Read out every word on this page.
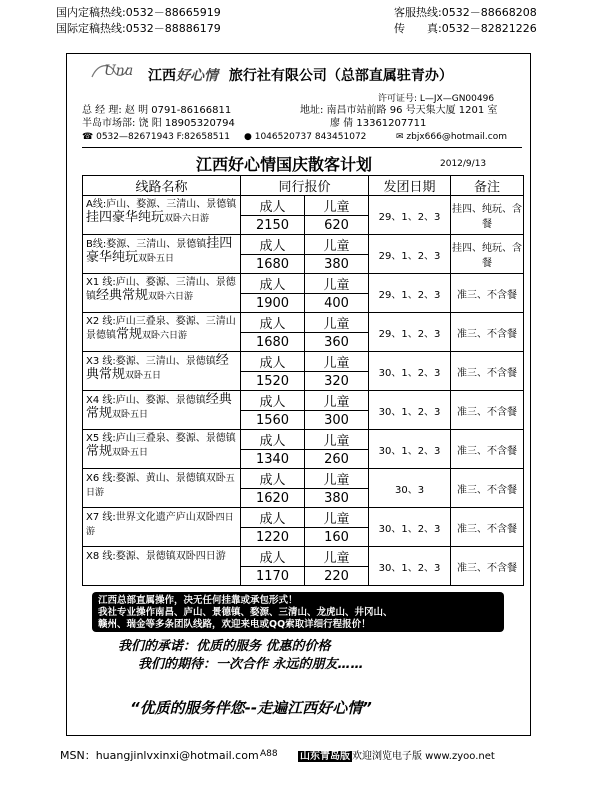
国内定稿热线:0532－88665919
国际定稿热线:0532－88886179
客服热线:0532－88668208
传　　真:0532－82821226
Una 江西好心情 旅行社有限公司（总部直属驻青办）
许可证号: L—JX—GN00496
总 经 理: 赵 明 0791-86166811	地址: 南昌市站前路 96 号天集大厦 1201 室
半岛市场部: 饶 阳 18905320794	廖 倩 13361207711
☎ 0532—82671943 F:82658511 ● 1046520737 843451072	✉ zbjx666@hotmail.com
江西好心情国庆散客计划	2012/9/13
线路名称	同行报价		发团日期	备注
A线:庐山、婺源、三清山、景德镇挂四豪华纯玩双卧六日游	成人	儿童	29、1、2、3	挂四、纯玩、含餐
	2150	620		
B线:婺源、三清山、景德镇挂四豪华纯玩双卧五日	成人	儿童	29、1、2、3	挂四、纯玩、含餐
	1680	380		
X1 线:庐山、婺源、三清山、景德镇经典常规双卧六日游	成人	儿童	29、1、2、3	准三、不含餐
	1900	400		
X2 线:庐山三叠泉、婺源、三清山景德镇常规双卧六日游	成人	儿童	29、1、2、3	准三、不含餐
	1680	360		
X3 线:婺源、三清山、景德镇经典常规双卧五日	成人	儿童	30、1、2、3	准三、不含餐
	1520	320		
X4 线:庐山、婺源、景德镇经典常规双卧五日	成人	儿童	30、1、2、3	准三、不含餐
	1560	300		
X5 线:庐山三叠泉、婺源、景德镇常规双卧五日	成人	儿童	30、1、2、3	准三、不含餐
	1340	260		
X6 线:婺源、黄山、景德镇双卧五日游	成人	儿童	30、3	准三、不含餐
	1620	380		
X7 线:世界文化遗产庐山双卧四日游	成人	儿童	30、1、2、3	准三、不含餐
	1220	160		
X8 线:婺源、景德镇双卧四日游	成人	儿童	30、1、2、3	准三、不含餐
	1170	220		
江西总部直属操作，决无任何挂靠或承包形式！
我社专业操作南昌、庐山、景德镇、婺源、三清山、龙虎山、井冈山、
赣州、瑞金等多条团队线路，欢迎来电或QQ索取详细行程报价！
我们的承诺：优质的服务 优惠的价格
我们的期待：一次合作 永远的朋友……
“优质的服务伴您--走遍江西好心情”
MSN：huangjinlvxinxi@hotmail.com A88 山东青岛版 欢迎浏览电子版 www.zyoo.net
